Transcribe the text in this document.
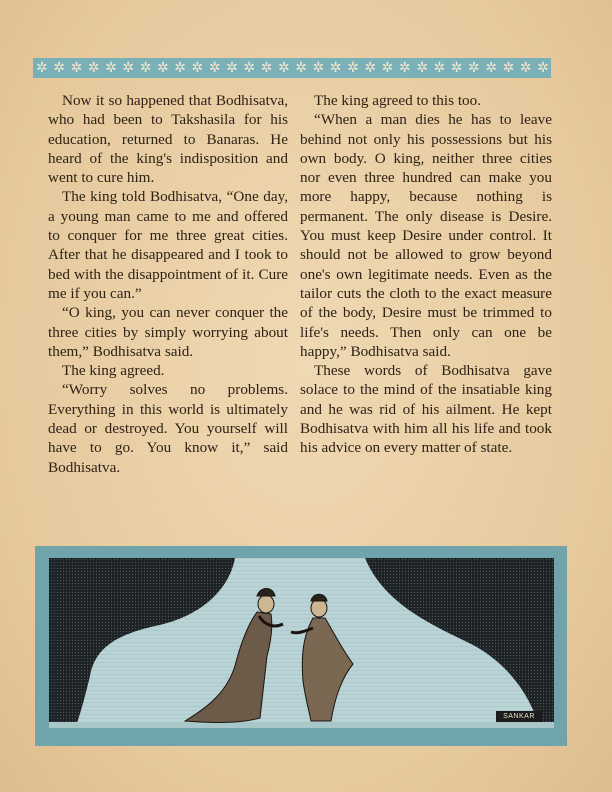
✲ ✲ ✲ ✲ ✲ ✲ ✲ ✲ ✲ ✲ ✲ ✲ ✲ ✲ ✲ ✲ ✲ ✲ ✲ ✲ ✲ ✲ ✲ ✲ ✲ ✲ ✲ ✲ ✲ ✲

Now it so happened that Bodhisatva, who had been to Takshasila for his education, returned to Banaras. He heard of the king's indisposition and went to cure him.

The king told Bodhisatva, “One day, a young man came to me and offered to conquer for me three great cities. After that he disappeared and I took to bed with the disappointment of it. Cure me if you can.”

“O king, you can never conquer the three cities by simply worrying about them,” Bodhisatva said.

The king agreed.

“Worry solves no problems. Everything in this world is ultimately dead or destroyed. You yourself will have to go. You know it,” said Bodhisatva.

The king agreed to this too.

“When a man dies he has to leave behind not only his possessions but his own body. O king, neither three cities nor even three hundred can make you more happy, because nothing is permanent. The only disease is Desire. You must keep Desire under control. It should not be allowed to grow beyond one's own legitimate needs. Even as the tailor cuts the cloth to the exact measure of the body, Desire must be trimmed to life's needs. Then only can one be happy,” Bodhisatva said.

These words of Bodhisatva gave solace to the mind of the insatiable king and he was rid of his ailment. He kept Bodhisatva with him all his life and took his advice on every matter of state.

SANKAR
